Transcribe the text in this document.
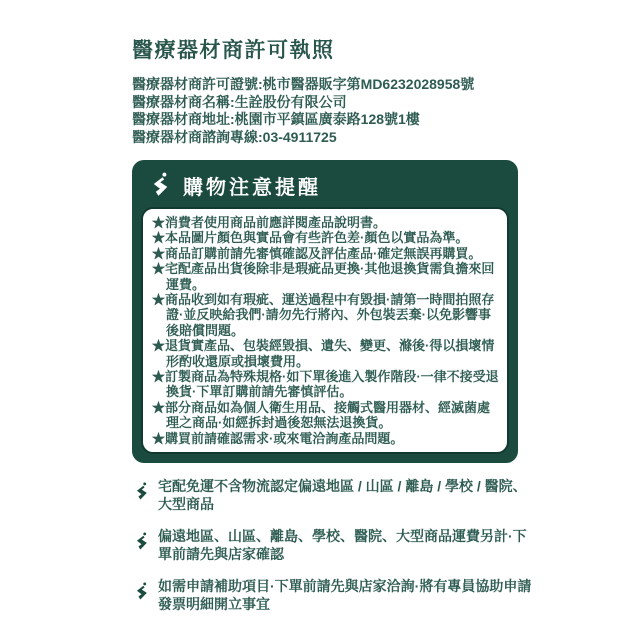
醫療器材商許可執照
醫療器材商許可證號:桃市醫器販字第MD6232028958號
醫療器材商名稱:生詮股份有限公司
醫療器材商地址:桃園市平鎮區廣泰路128號1樓
醫療器材商諮詢專線:03-4911725
購物注意提醒
★消費者使用商品前應詳閱產品說明書。
★本品圖片顏色與實品會有些許色差·顏色以實品為準。
★商品訂購前請先審慎確認及評估產品·確定無誤再購買。
★宅配產品出貨後除非是瑕疵品更換·其他退換貨需負擔來回運費。
★商品收到如有瑕疵、運送過程中有毀損·請第一時間拍照存證·並反映給我們·請勿先行將內、外包裝丟棄·以免影響事後賠償問題。
★退貨實產品、包裝經毀損、遺失、變更、滌後·得以損壞情形酌收還原或損壞費用。
★訂製商品為特殊規格·如下單後進入製作階段·一律不接受退換貨·下單訂購前請先審慎評估。
★部分商品如為個人衛生用品、接觸式醫用器材、經滅菌處理之商品·如經拆封過後恕無法退換貨。
★購買前請確認需求·或來電洽詢產品問題。
宅配免運不含物流認定偏遠地區 / 山區 / 離島 / 學校 / 醫院、大型商品
偏遠地區、山區、離島、學校、醫院、大型商品運費另計·下單前請先與店家確認
如需申請補助項目·下單前請先與店家洽詢·將有專員協助申請發票明細開立事宜
